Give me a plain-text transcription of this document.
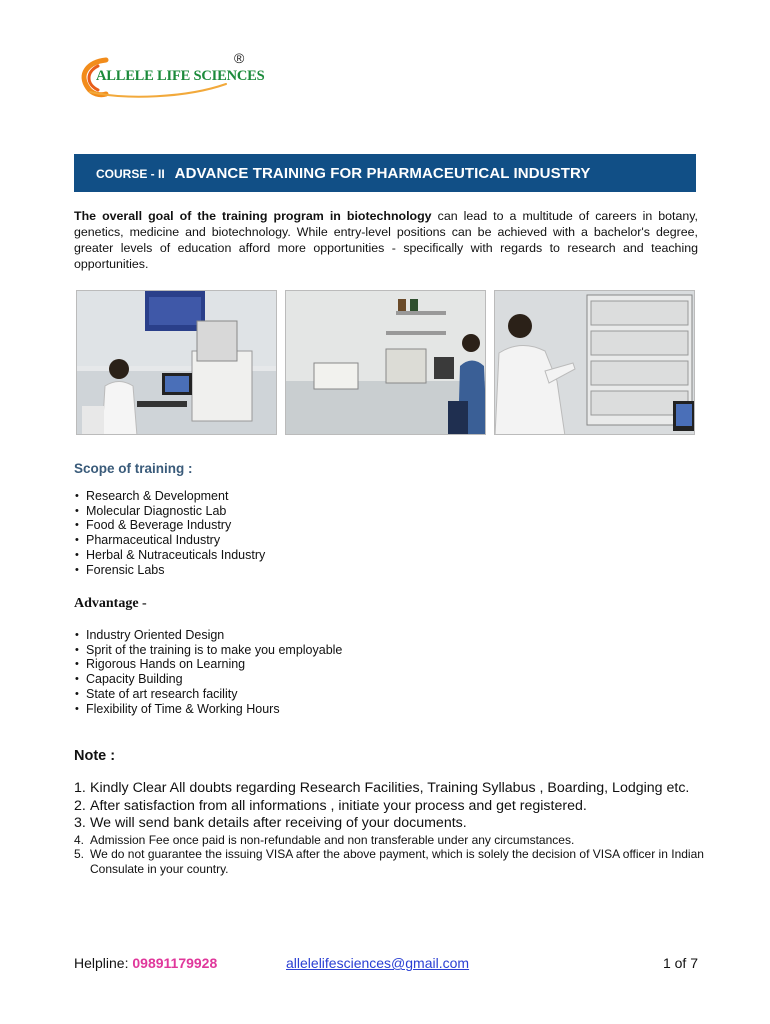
ALLELE LIFE SCIENCES
®
COURSE - II ADVANCE TRAINING FOR PHARMACEUTICAL INDUSTRY

The overall goal of the training program in biotechnology can lead to a multitude of careers in botany, genetics, medicine and biotechnology. While entry-level positions can be achieved with a bachelor's degree, greater levels of education afford more opportunities - specifically with regards to research and teaching opportunities.

Scope of training :
• Research & Development
• Molecular Diagnostic Lab
• Food & Beverage Industry
• Pharmaceutical Industry
• Herbal & Nutraceuticals Industry
• Forensic Labs
Advantage -
• Industry Oriented Design
• Sprit of the training is to make you employable
• Rigorous Hands on Learning
• Capacity Building
• State of art research facility
• Flexibility of Time & Working Hours
Note :
1. Kindly Clear All doubts regarding Research Facilities, Training Syllabus , Boarding, Lodging etc.
2. After satisfaction from all informations , initiate your process and get registered.
3. We will send bank details after receiving of your documents.
4. Admission Fee once paid is non-refundable and non transferable under any circumstances.
5. We do not guarantee the issuing VISA after the above payment, which is solely the decision of VISA officer in Indian Consulate in your country.
Helpline: 09891179928	allelelifesciences@gmail.com	1 of 7
